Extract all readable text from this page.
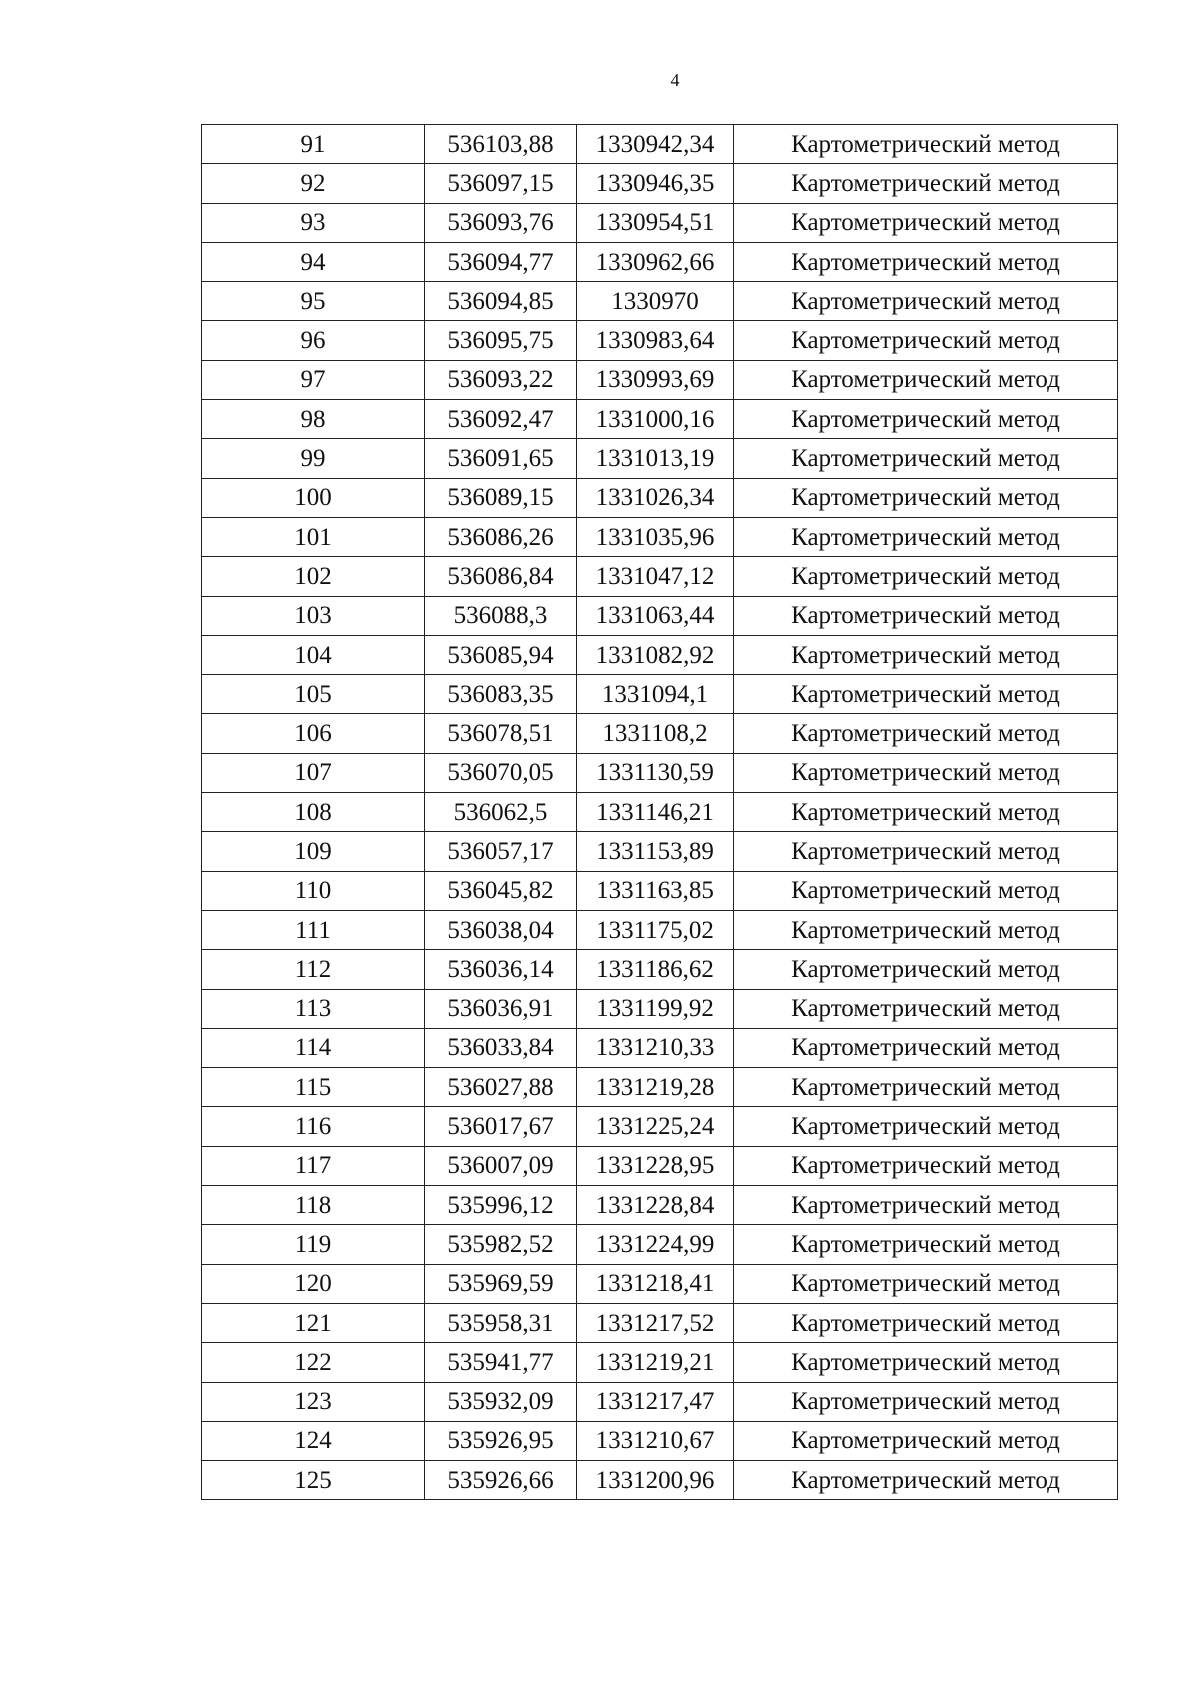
4
91	536103,88	1330942,34	Картометрический метод
92	536097,15	1330946,35	Картометрический метод
93	536093,76	1330954,51	Картометрический метод
94	536094,77	1330962,66	Картометрический метод
95	536094,85	1330970	Картометрический метод
96	536095,75	1330983,64	Картометрический метод
97	536093,22	1330993,69	Картометрический метод
98	536092,47	1331000,16	Картометрический метод
99	536091,65	1331013,19	Картометрический метод
100	536089,15	1331026,34	Картометрический метод
101	536086,26	1331035,96	Картометрический метод
102	536086,84	1331047,12	Картометрический метод
103	536088,3	1331063,44	Картометрический метод
104	536085,94	1331082,92	Картометрический метод
105	536083,35	1331094,1	Картометрический метод
106	536078,51	1331108,2	Картометрический метод
107	536070,05	1331130,59	Картометрический метод
108	536062,5	1331146,21	Картометрический метод
109	536057,17	1331153,89	Картометрический метод
110	536045,82	1331163,85	Картометрический метод
111	536038,04	1331175,02	Картометрический метод
112	536036,14	1331186,62	Картометрический метод
113	536036,91	1331199,92	Картометрический метод
114	536033,84	1331210,33	Картометрический метод
115	536027,88	1331219,28	Картометрический метод
116	536017,67	1331225,24	Картометрический метод
117	536007,09	1331228,95	Картометрический метод
118	535996,12	1331228,84	Картометрический метод
119	535982,52	1331224,99	Картометрический метод
120	535969,59	1331218,41	Картометрический метод
121	535958,31	1331217,52	Картометрический метод
122	535941,77	1331219,21	Картометрический метод
123	535932,09	1331217,47	Картометрический метод
124	535926,95	1331210,67	Картометрический метод
125	535926,66	1331200,96	Картометрический метод
